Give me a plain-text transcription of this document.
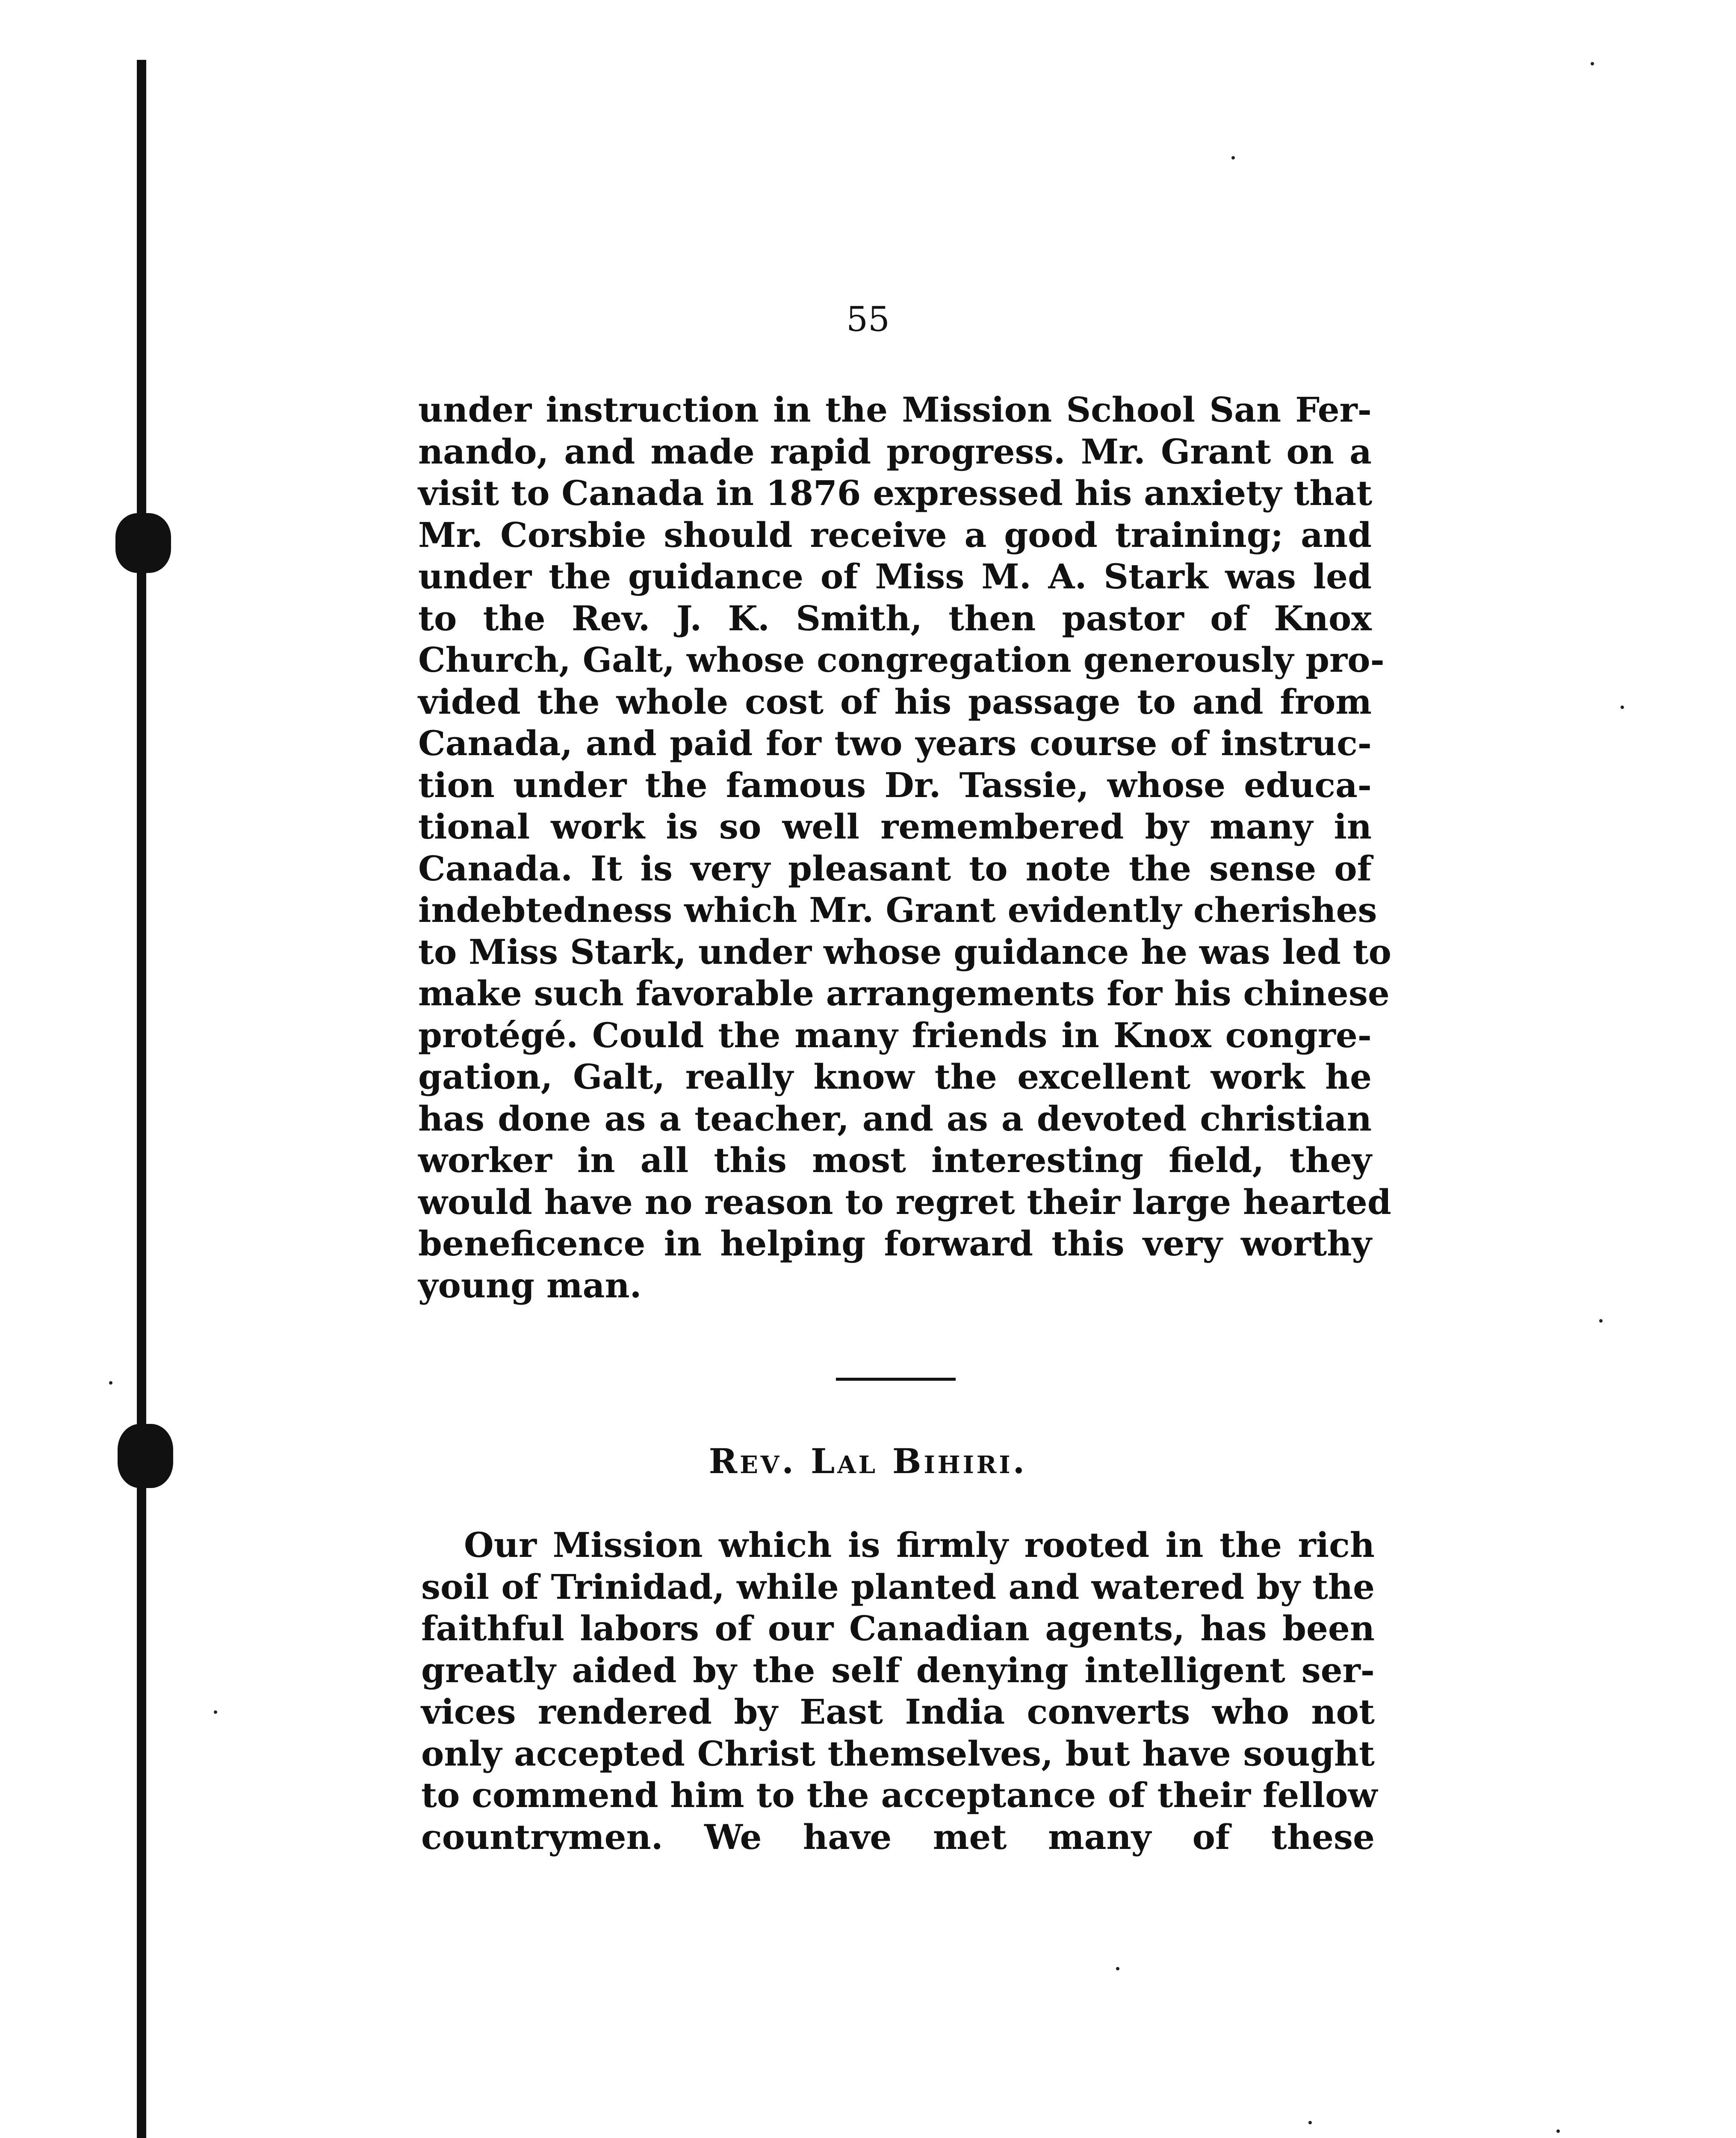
55
under instruction in the Mission School San Fer-
nando, and made rapid progress. Mr. Grant on a
visit to Canada in 1876 expressed his anxiety that
Mr. Corsbie should receive a good training; and
under the guidance of Miss M. A. Stark was led
to the Rev. J. K. Smith, then pastor of Knox
Church, Galt, whose congregation generously pro-
vided the whole cost of his passage to and from
Canada, and paid for two years course of instruc-
tion under the famous Dr. Tassie, whose educa-
tional work is so well remembered by many in
Canada. It is very pleasant to note the sense of
indebtedness which Mr. Grant evidently cherishes
to Miss Stark, under whose guidance he was led to
make such favorable arrangements for his chinese
protégé. Could the many friends in Knox congre-
gation, Galt, really know the excellent work he
has done as a teacher, and as a devoted christian
worker in all this most interesting field, they
would have no reason to regret their large hearted
beneficence in helping forward this very worthy
young man.
Rev. Lal Bihiri.
Our Mission which is firmly rooted in the rich
soil of Trinidad, while planted and watered by the
faithful labors of our Canadian agents, has been
greatly aided by the self denying intelligent ser-
vices rendered by East India converts who not
only accepted Christ themselves, but have sought
to commend him to the acceptance of their fellow
countrymen. We have met many of these
